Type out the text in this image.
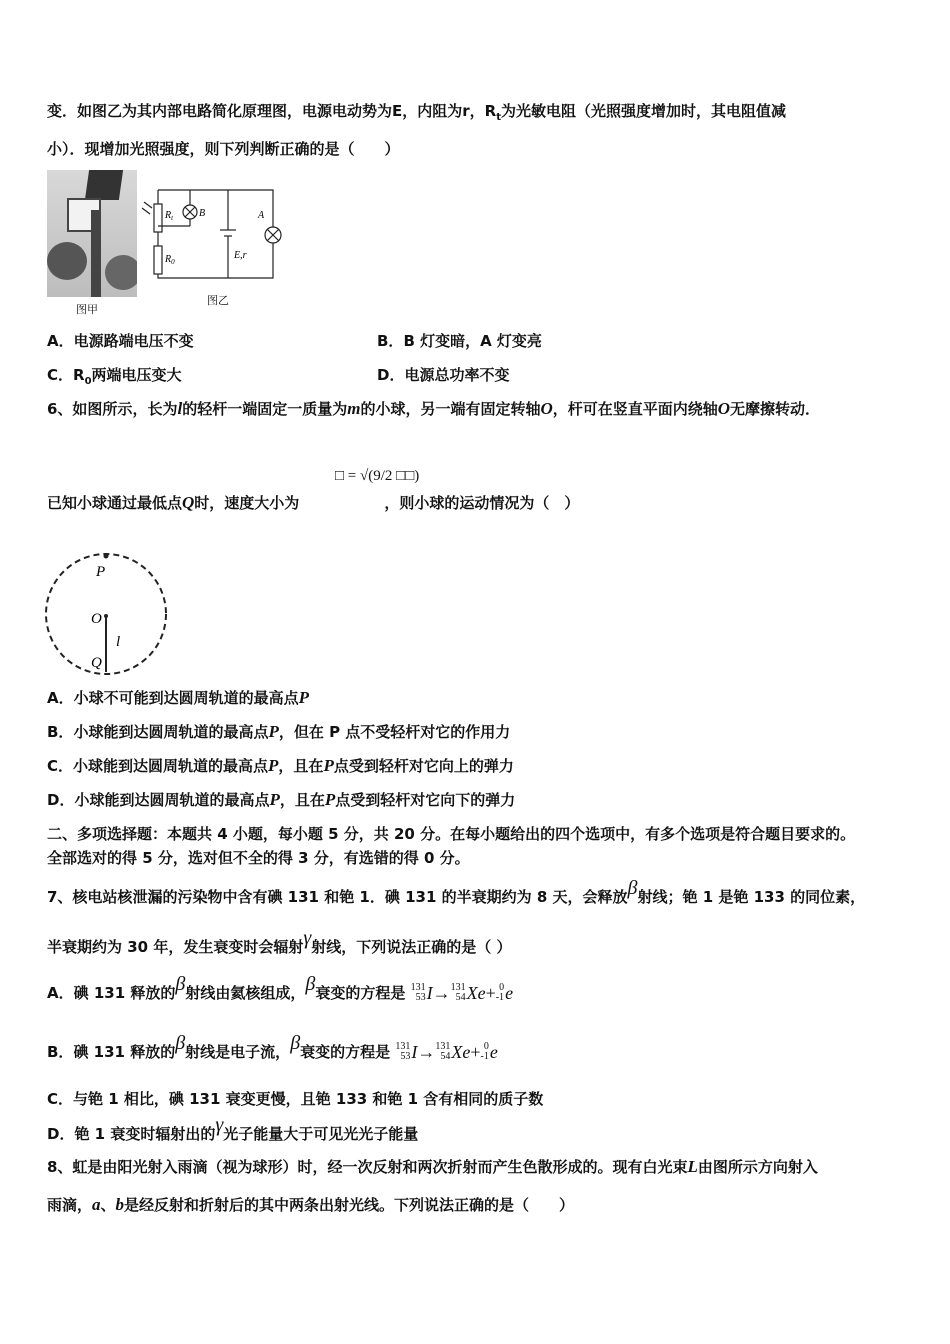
变．如图乙为其内部电路简化原理图，电源电动势为E，内阻为r，$R_t$为光敏电阻（光照强度增加时，其电阻值减
小）．现增加光照强度，则下列判断正确的是（　　）
图甲
$R_t$	B
$R_0$
A
E,r
图乙
A．电源路端电压不变	B．B 灯变暗，A 灯变亮
C．$R_0$两端电压变大	D．电源总功率不变
6、如图所示，长为l的轻杆一端固定一质量为m的小球，另一端有固定转轴O，杆可在竖直平面内绕轴O无摩擦转动．
已知小球通过最低点Q时，速度大小为	，则小球的运动情况为（　）
□ = √(9/2 □□)
P
O
Q
l
A．小球不可能到达圆周轨道的最高点P
B．小球能到达圆周轨道的最高点P，但在 P 点不受轻杆对它的作用力
C．小球能到达圆周轨道的最高点P，且在P点受到轻杆对它向上的弹力
D．小球能到达圆周轨道的最高点P，且在P点受到轻杆对它向下的弹力
二、多项选择题：本题共 4 小题，每小题 5 分，共 20 分。在每小题给出的四个选项中，有多个选项是符合题目要求的。
全部选对的得 5 分，选对但不全的得 3 分，有选错的得 0 分。
7、核电站核泄漏的污染物中含有碘 131 和铯 1．碘 131 的半衰期约为 8 天，会释放β射线；铯 1 是铯 133 的同位素，
半衰期约为 30 年，发生衰变时会辐射γ射线，下列说法正确的是（ ）
A．碘 131 释放的β射线由氦核组成，β衰变的方程是 131
53 I → 131
54 Xe + 0
-1 e
B．碘 131 释放的β射线是电子流，β衰变的方程是 131
53 I → 131
54 Xe + 0
-1 e
C．与铯 1 相比，碘 131 衰变更慢，且铯 133 和铯 1 含有相同的质子数
D．铯 1 衰变时辐射出的γ光子能量大于可见光光子能量
8、虹是由阳光射入雨滴（视为球形）时，经一次反射和两次折射而产生色散形成的。现有白光束L由图所示方向射入
雨滴，a、b是经反射和折射后的其中两条出射光线。下列说法正确的是（　　）
